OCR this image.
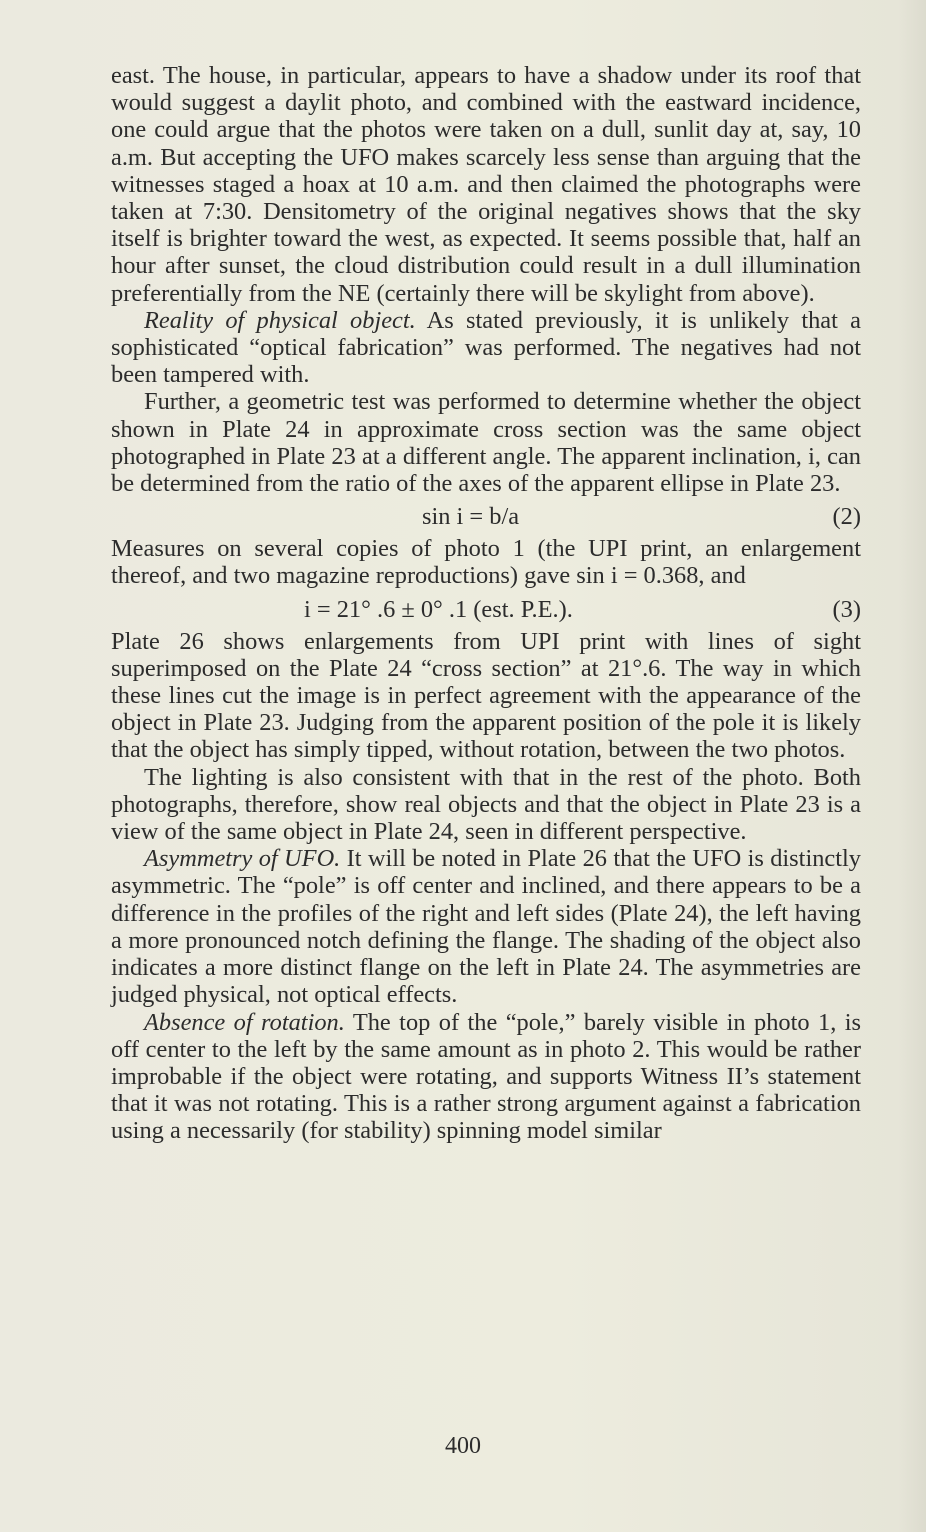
east. The house, in particular, appears to have a shadow under its roof that would suggest a daylit photo, and combined with the eastward incidence, one could argue that the photos were taken on a dull, sunlit day at, say, 10 a.m. But accepting the UFO makes scarcely less sense than arguing that the witnesses staged a hoax at 10 a.m. and then claimed the photographs were taken at 7:30. Densitometry of the original negatives shows that the sky itself is brighter toward the west, as expected. It seems possible that, half an hour after sunset, the cloud distribution could result in a dull illumination preferentially from the NE (certainly there will be skylight from above).

Reality of physical object. As stated previously, it is unlikely that a sophisticated “optical fabrication” was performed. The negatives had not been tampered with.

Further, a geometric test was performed to determine whether the object shown in Plate 24 in approximate cross section was the same object photographed in Plate 23 at a different angle. The apparent inclination, i, can be determined from the ratio of the axes of the apparent ellipse in Plate 23.

sin i = b/a	(2)

Measures on several copies of photo 1 (the UPI print, an enlargement thereof, and two magazine reproductions) gave sin i = 0.368, and

i = 21° .6 ± 0° .1 (est. P.E.).	(3)

Plate 26 shows enlargements from UPI print with lines of sight superimposed on the Plate 24 “cross section” at 21°.6. The way in which these lines cut the image is in perfect agreement with the appearance of the object in Plate 23. Judging from the apparent position of the pole it is likely that the object has simply tipped, without rotation, between the two photos.

The lighting is also consistent with that in the rest of the photo. Both photographs, therefore, show real objects and that the object in Plate 23 is a view of the same object in Plate 24, seen in different perspective.

Asymmetry of UFO. It will be noted in Plate 26 that the UFO is distinctly asymmetric. The “pole” is off center and inclined, and there appears to be a difference in the profiles of the right and left sides (Plate 24), the left having a more pronounced notch defining the flange. The shading of the object also indicates a more distinct flange on the left in Plate 24. The asymmetries are judged physical, not optical effects.

Absence of rotation. The top of the “pole,” barely visible in photo 1, is off center to the left by the same amount as in photo 2. This would be rather improbable if the object were rotating, and supports Witness II’s statement that it was not rotating. This is a rather strong argument against a fabrication using a necessarily (for stability) spinning model similar

400
